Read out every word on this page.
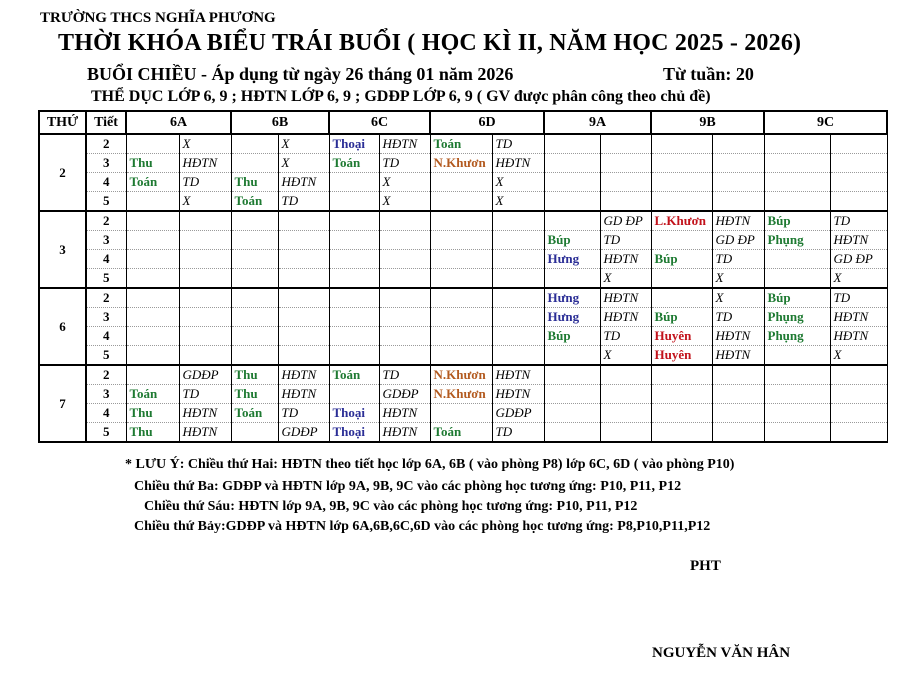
TRƯỜNG THCS NGHĨA PHƯƠNG
THỜI KHÓA BIỂU TRÁI BUỔI ( HỌC KÌ II, NĂM HỌC 2025 - 2026)
BUỔI CHIỀU - Áp dụng từ ngày 26 tháng 01 năm 2026	Từ tuần: 20
THỂ DỤC LỚP 6, 9 ; HĐTN LỚP 6, 9 ; GDĐP LỚP 6, 9 ( GV được phân công theo chủ đề)
THỨ	Tiết	6A		6B		6C		6D		9A		9B		9C	
2	2		X		X	Thoại	HĐTN	Toán	TD						
	3	Thu	HĐTN		X	Toán	TD	N.Khươn	HĐTN						
	4	Toán	TD	Thu	HĐTN		X		X						
	5		X	Toán	TD		X		X						
3	2										GD ĐP	L.Khươn	HĐTN	Búp	TD
	3									Búp	TD		GD ĐP	Phụng	HĐTN
	4									Hưng	HĐTN	Búp	TD		GD ĐP
	5										X		X		X
6	2									Hưng	HĐTN		X	Búp	TD
	3									Hưng	HĐTN	Búp	TD	Phụng	HĐTN
	4									Búp	TD	Huyên	HĐTN	Phụng	HĐTN
	5										X	Huyên	HĐTN		X
7	2		GDĐP	Thu	HĐTN	Toán	TD	N.Khươn	HĐTN						
	3	Toán	TD	Thu	HĐTN		GDĐP	N.Khươn	HĐTN						
	4	Thu	HĐTN	Toán	TD	Thoại	HĐTN		GDĐP						
	5	Thu	HĐTN		GDĐP	Thoại	HĐTN	Toán	TD						
* LƯU Ý: Chiều thứ Hai: HĐTN theo tiết học lớp 6A, 6B ( vào phòng P8) lớp 6C, 6D ( vào phòng P10)
Chiều thứ Ba: GDĐP và HĐTN lớp 9A, 9B, 9C vào các phòng học tương ứng: P10, P11, P12
Chiều thứ Sáu: HĐTN lớp 9A, 9B, 9C vào các phòng học tương ứng: P10, P11, P12
Chiều thứ Bảy:GDĐP và HĐTN lớp 6A,6B,6C,6D vào các phòng học tương ứng: P8,P10,P11,P12
PHT
NGUYỄN VĂN HÂN
